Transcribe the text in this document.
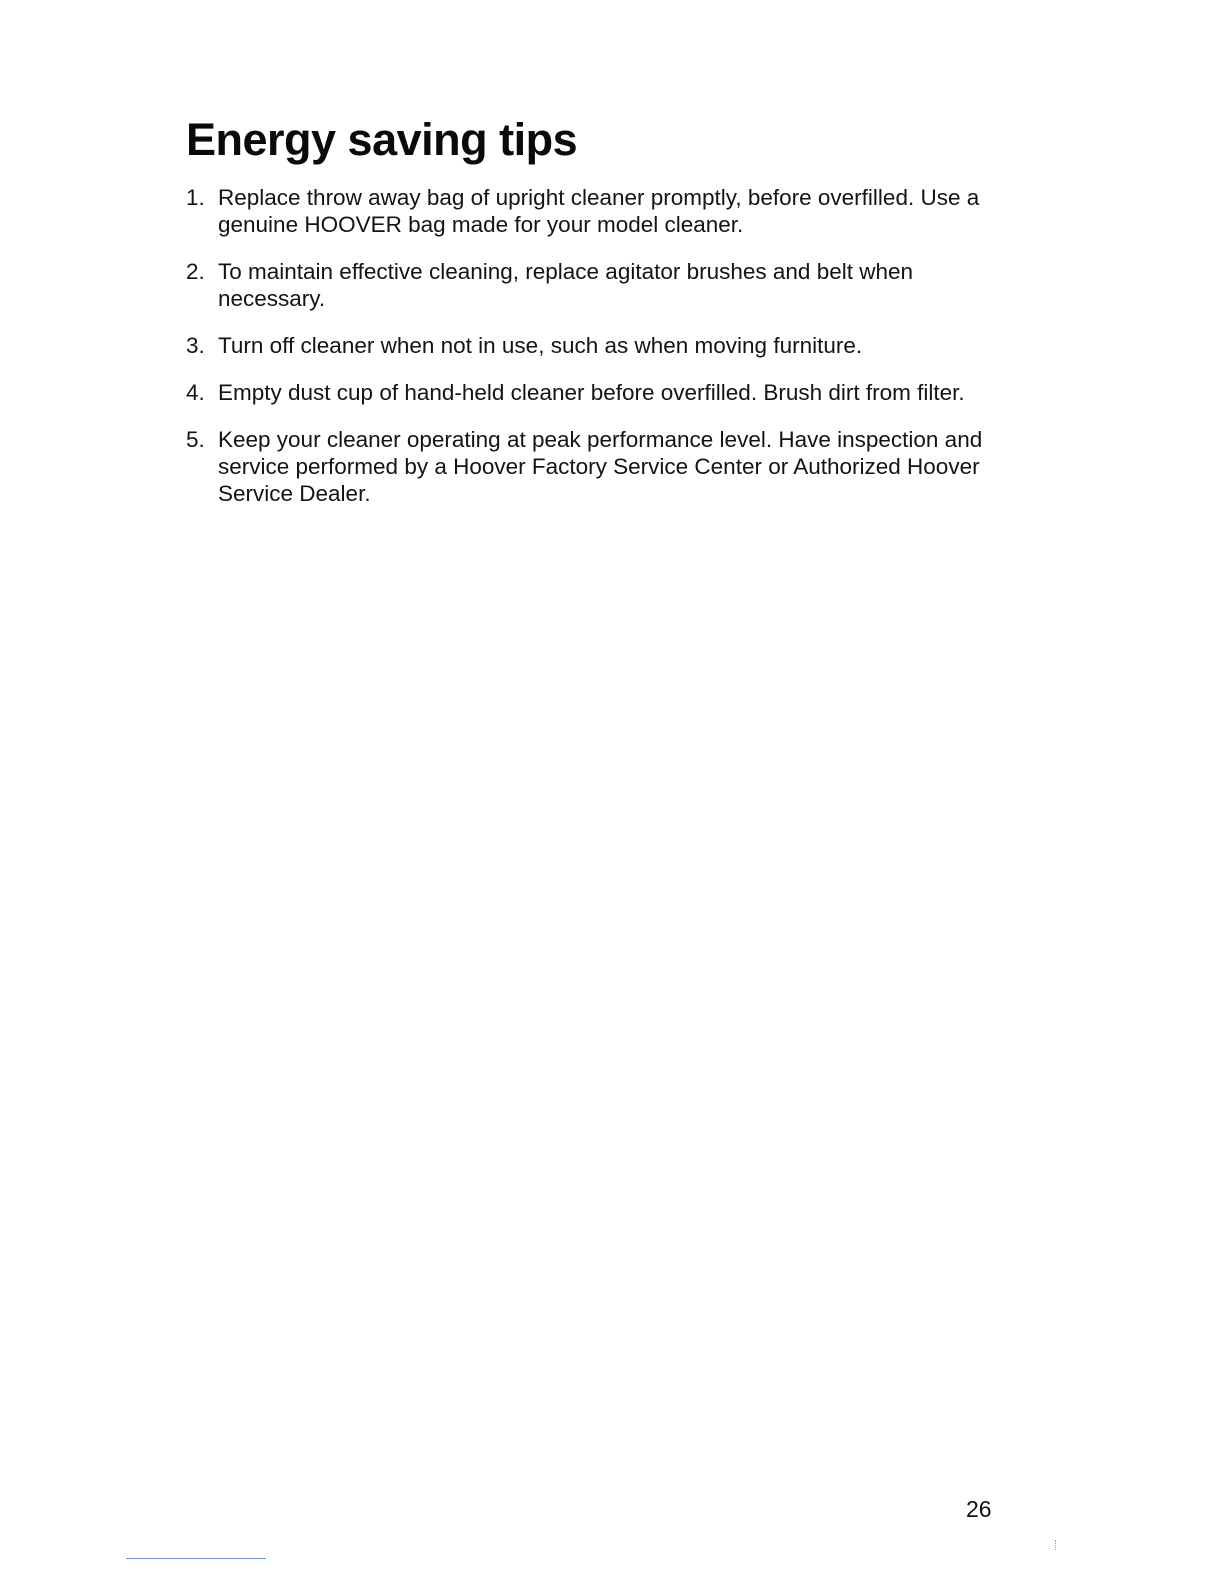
Energy saving tips
1. Replace throw away bag of upright cleaner promptly, before overfilled. Use a genuine HOOVER bag made for your model cleaner.
2. To maintain effective cleaning, replace agitator brushes and belt when necessary.
3. Turn off cleaner when not in use, such as when moving furniture.
4. Empty dust cup of hand-held cleaner before overfilled. Brush dirt from filter.
5. Keep your cleaner operating at peak performance level. Have inspection and service performed by a Hoover Factory Service Center or Authorized Hoover Service Dealer.
26
